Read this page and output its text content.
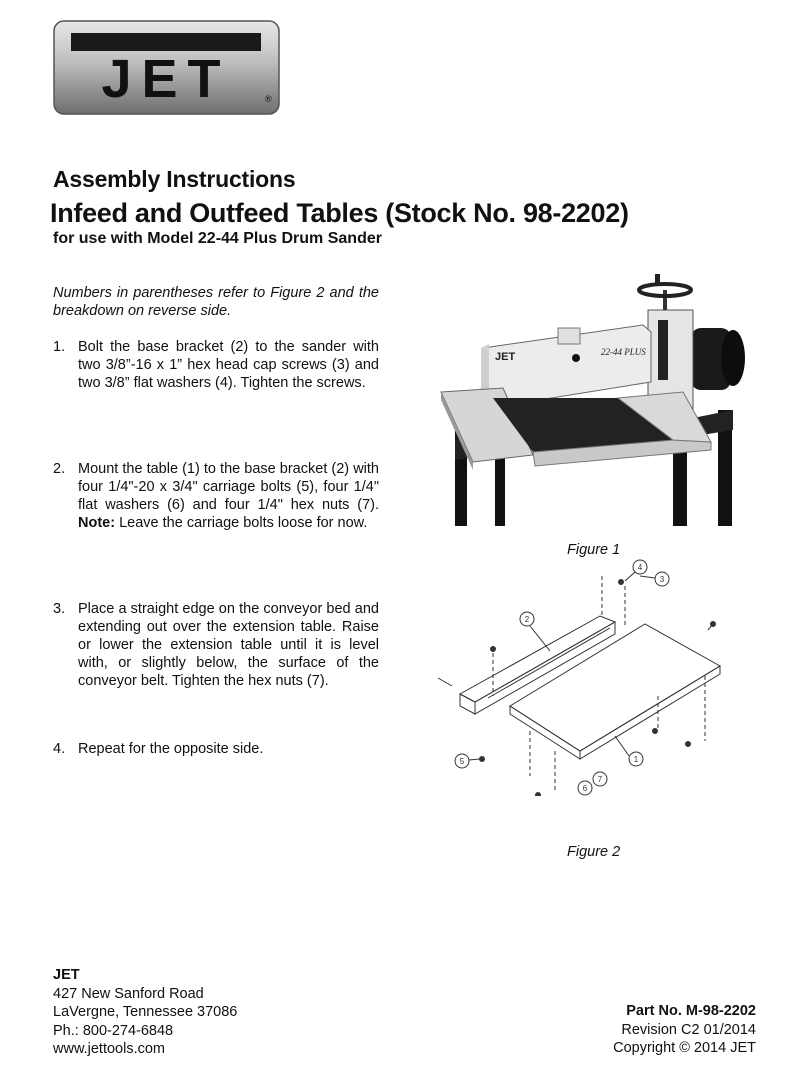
JET	®
Assembly Instructions
Infeed and Outfeed Tables (Stock No. 98-2202)
for use with Model 22-44 Plus Drum Sander
Numbers in parentheses refer to Figure 2 and the breakdown on reverse side.
1. Bolt the base bracket (2) to the sander with two 3/8”-16 x 1” hex head cap screws (3) and two 3/8” flat washers (4). Tighten the screws.
2. Mount the table (1) to the base bracket (2) with four 1/4"-20 x 3/4" carriage bolts (5), four 1/4" flat washers (6) and four 1/4" hex nuts (7). Note: Leave the carriage bolts loose for now.
3. Place a straight edge on the conveyor bed and extending out over the extension table. Raise or lower the extension table until it is level with, or slightly below, the surface of the conveyor belt. Tighten the hex nuts (7).
4. Repeat for the opposite side.
JET	22-44 PLUS
Figure 1
1
2
3
4
5
6
7
Figure 2
JET
427 New Sanford Road
LaVergne, Tennessee 37086
Ph.: 800-274-6848
www.jettools.com
Part No. M-98-2202
Revision C2 01/2014
Copyright © 2014 JET
